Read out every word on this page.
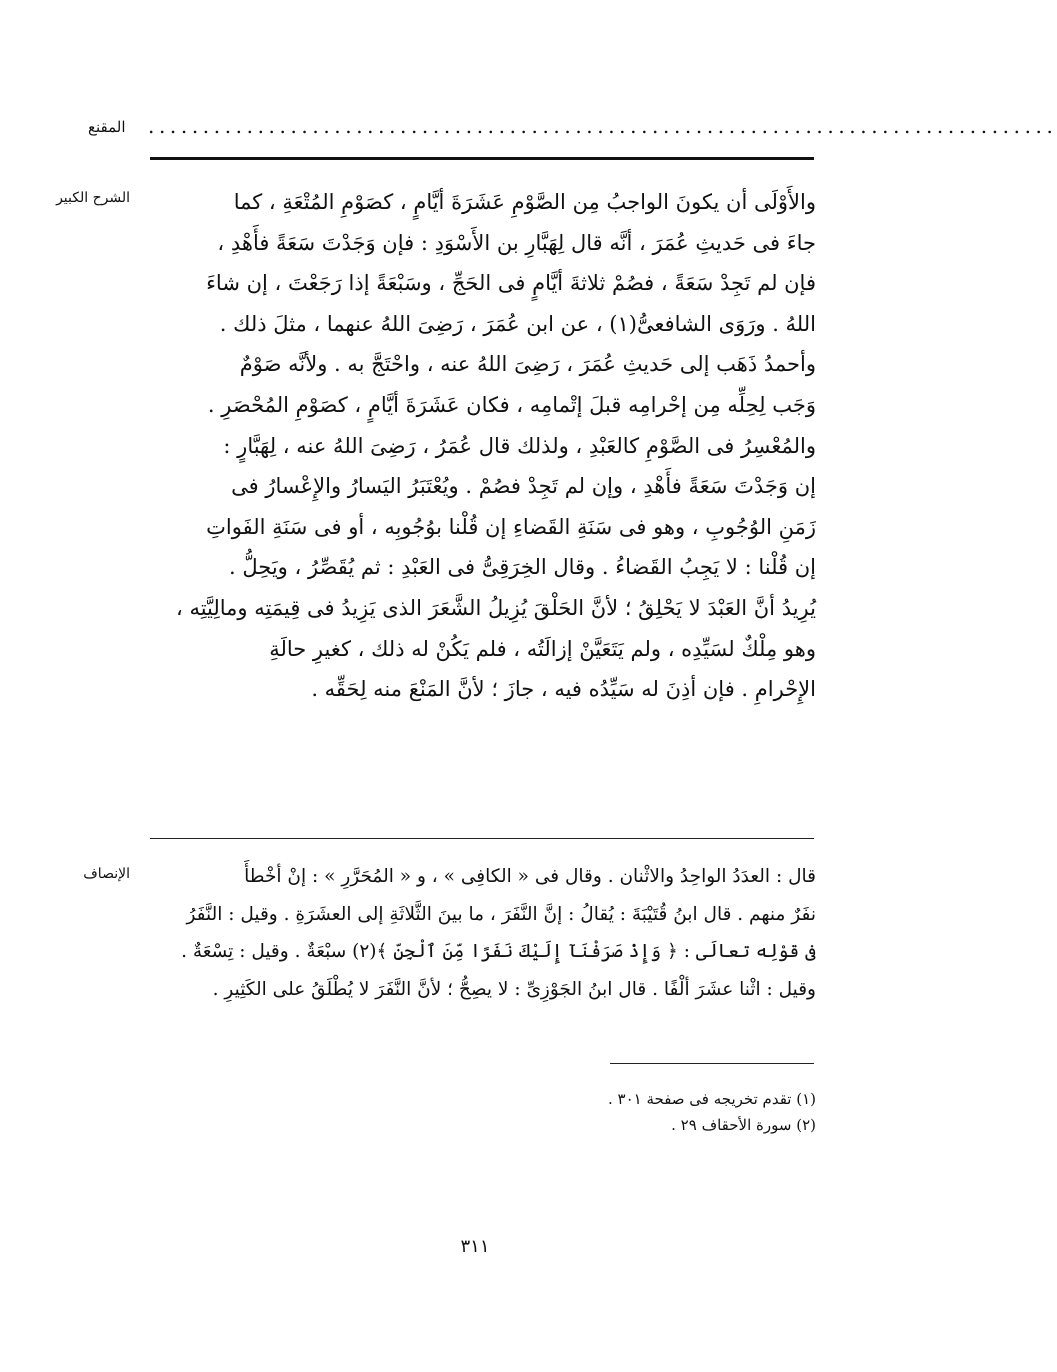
المقنع ...................................................................................
الشرح الكبير	والأَوْلَى أن يكونَ الواجبُ مِن الصَّوْمِ عَشَرَةَ أيَّامٍ ، كصَوْمِ المُتْعَةِ ، كما
جاءَ فى حَديثِ عُمَرَ ، أنَّه قال لِهَبَّارِ بن الأَسْوَدِ : فإن وَجَدْتَ سَعَةً فأَهْدِ ،
فإن لم تَجِدْ سَعَةً ، فصُمْ ثلاثةَ أيَّامٍ فى الحَجِّ ، وسَبْعَةً إذا رَجَعْتَ ، إن شاءَ
اللهُ . ورَوَى الشافعىُّ(١) ، عن ابن عُمَرَ ، رَضِىَ اللهُ عنهما ، مثلَ ذلك .
وأحمدُ ذَهَب إلى حَديثِ عُمَرَ ، رَضِىَ اللهُ عنه ، واحْتَجَّ به . ولأنَّه صَوْمٌ
وَجَب لِحِلِّه مِن إحْرامِه قبلَ إتْمامِه ، فكان عَشَرَةَ أيَّامٍ ، كصَوْمِ المُحْصَرِ .
والمُعْسِرُ فى الصَّوْمِ كالعَبْدِ ، ولذلك قال عُمَرُ ، رَضِىَ اللهُ عنه ، لِهَبَّارٍ :
إن وَجَدْتَ سَعَةً فأَهْدِ ، وإن لم تَجِدْ فصُمْ . ويُعْتَبَرُ اليَسارُ والإِعْسارُ فى
زَمَنِ الوُجُوبِ ، وهو فى سَنَةِ القَضاءِ إن قُلْنا بوُجُوبِه ، أو فى سَنَةِ الفَواتِ
إن قُلْنا : لا يَجِبُ القَضاءُ . وقال الخِرَقِىُّ فى العَبْدِ : ثم يُقَصِّرُ ، ويَحِلُّ .
يُرِيدُ أنَّ العَبْدَ لا يَحْلِقُ ؛ لأنَّ الحَلْقَ يُزِيلُ الشَّعَرَ الذى يَزِيدُ فى قِيمَتِه ومالِيَّتِه ،
وهو مِلْكٌ لسَيِّدِه ، ولم يَتَعَيَّنْ إزالَتُه ، فلم يَكُنْ له ذلك ، كغيرِ حالَةِ
الإِحْرامِ . فإن أذِنَ له سَيِّدُه فيه ، جازَ ؛ لأنَّ المَنْعَ منه لِحَقِّه .
الإنصاف	قال : العدَدُ الواحِدُ والاثْنان . وقال فى « الكافِى » ، و « المُحَرَّرِ » : إنْ أخْطأَ
نفَرٌ منهم . قال ابنُ قُتَيْبَةَ : يُقالُ : إنَّ النَّفَرَ ، ما بينَ الثَّلاثَةِ إلى العشَرَةِ . وقيل : النَّفَرُ
فى قوْلِه تعالَى : ﴿ وَإِذْ صَرَفْنَآ إِلَيْكَ نَفَرًا مِّنَ ٱلْجِنِّ ﴾(٢) سبْعَةٌ . وقيل : تِسْعَةٌ .
وقيل : اثْنا عشَرَ ألْفًا . قال ابنُ الجَوْزِىِّ : لا يصِحُّ ؛ لأنَّ النَّفَرَ لا يُطْلَقُ على الكَثِيرِ .
(١) تقدم تخريجه فى صفحة ٣٠١ .
(٢) سورة الأحقاف ٢٩ .
٣١١
